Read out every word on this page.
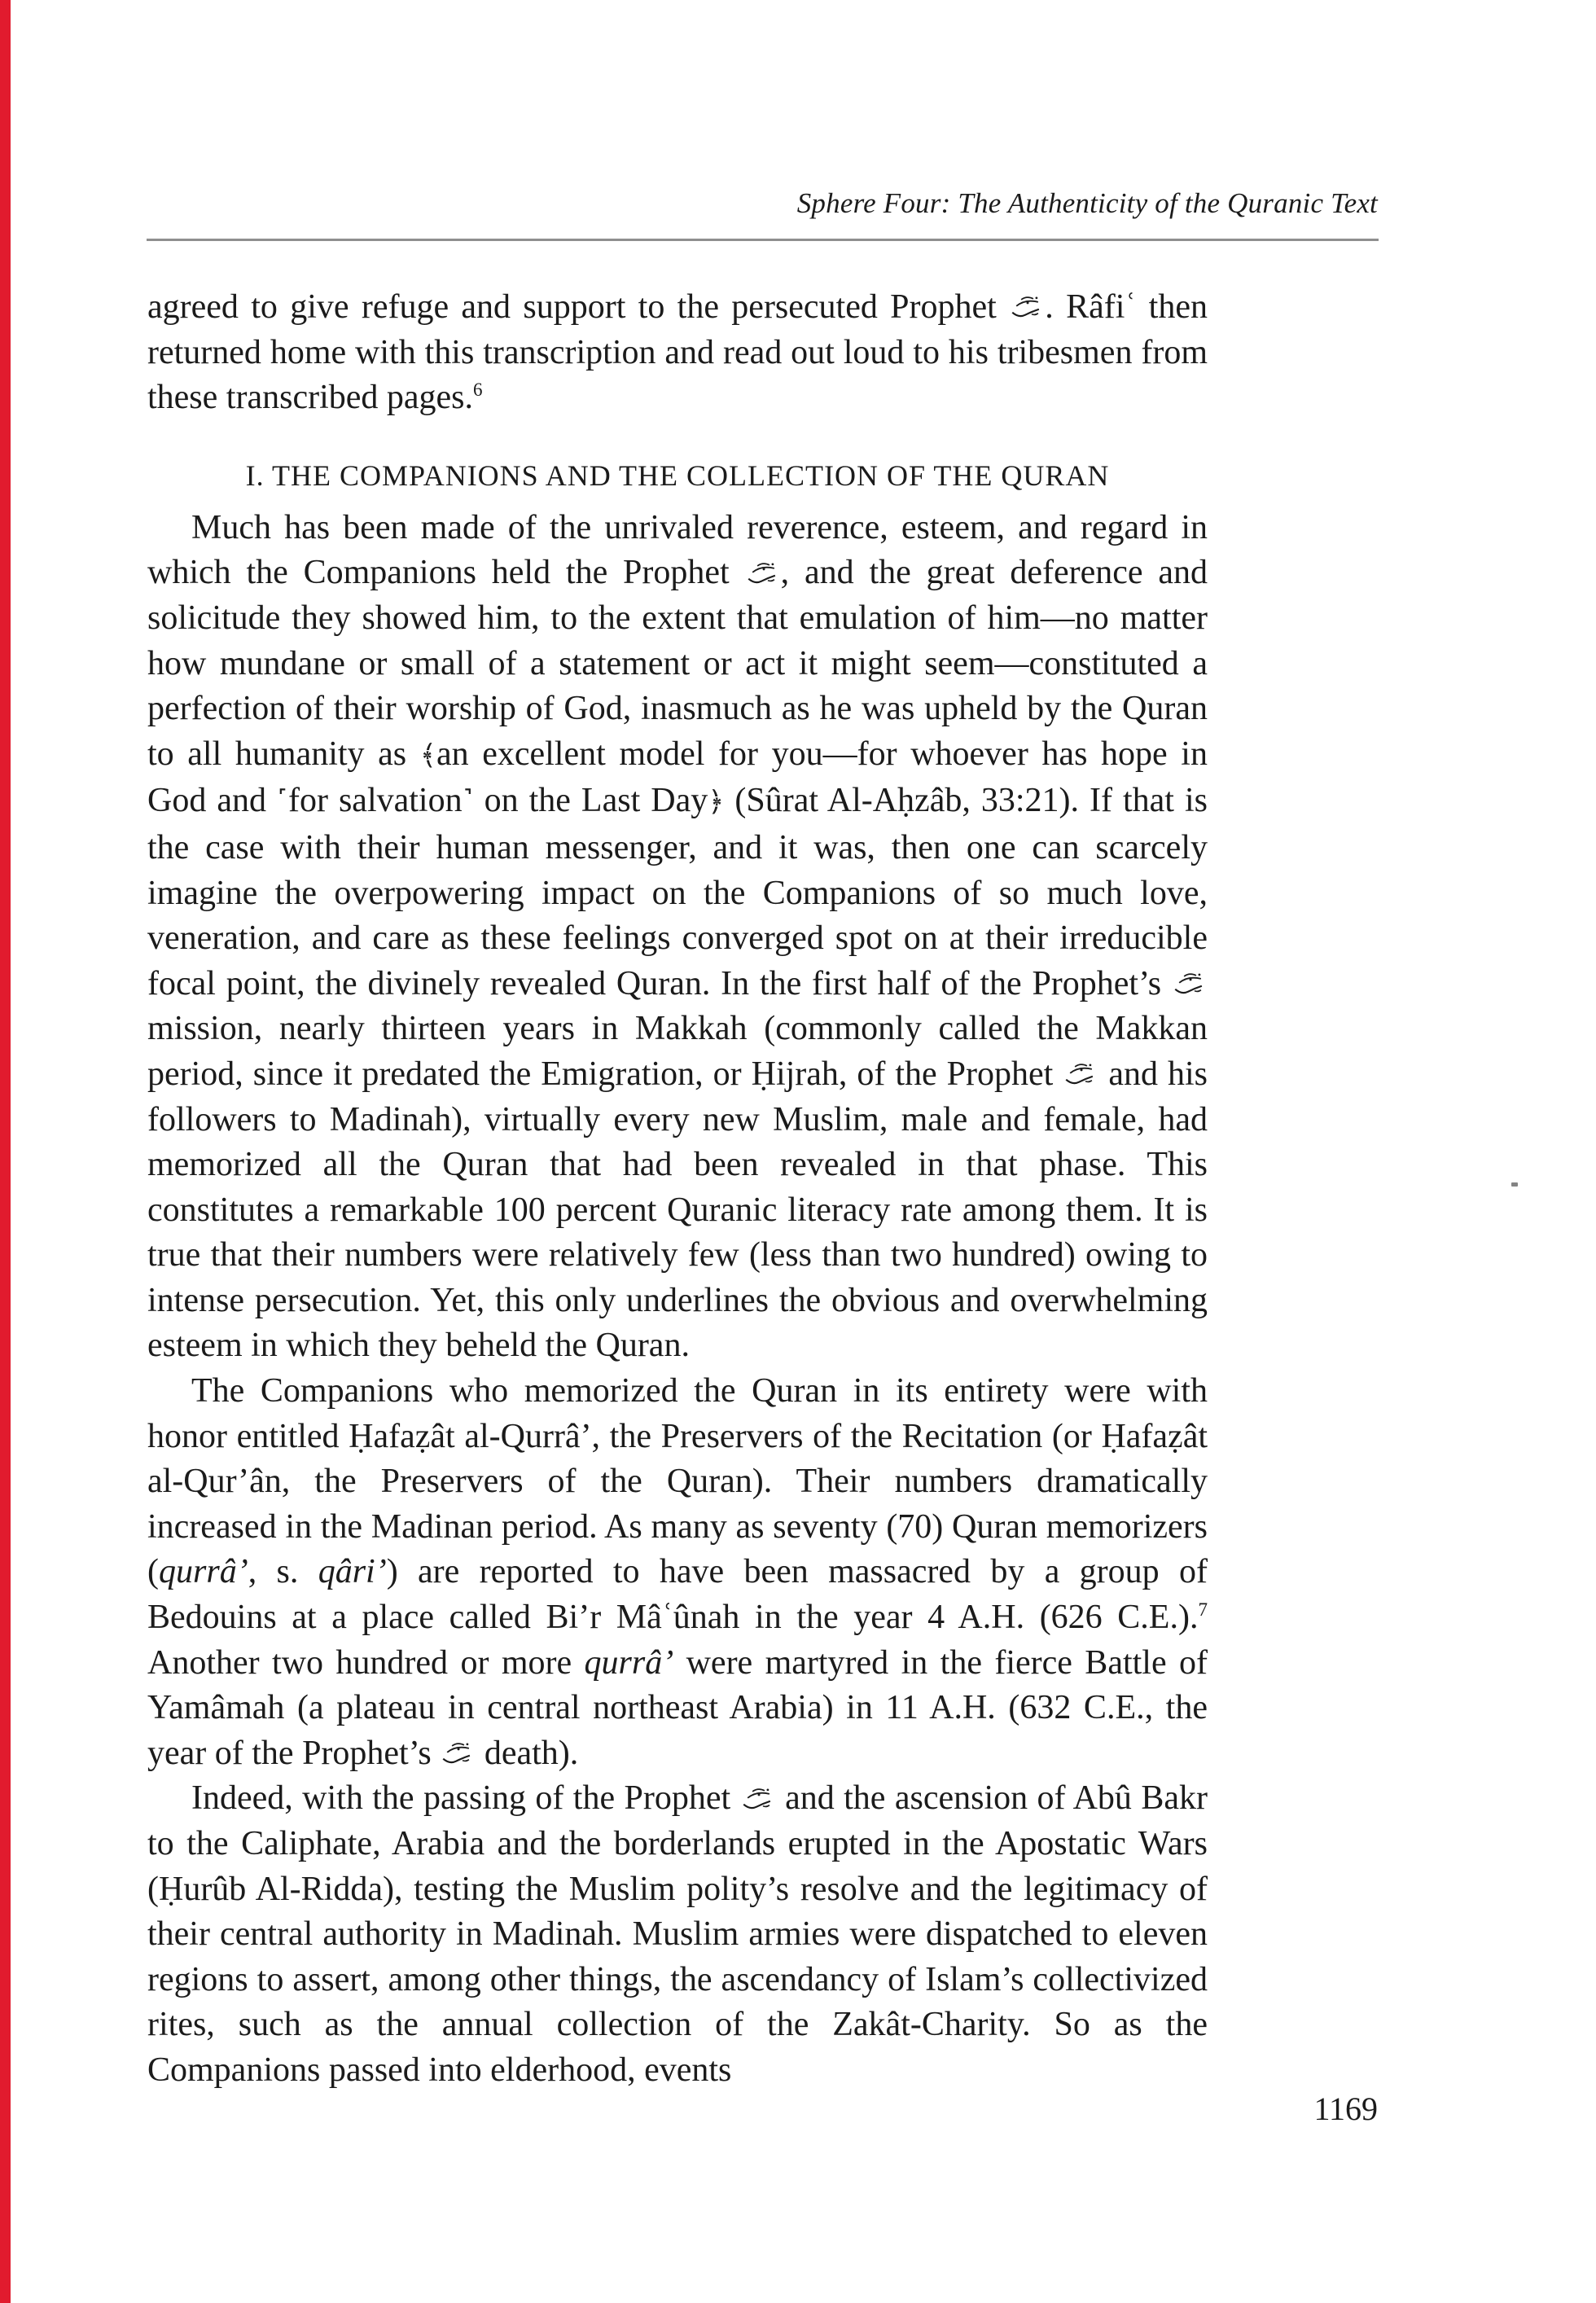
Sphere Four: The Authenticity of the Quranic Text

agreed to give refuge and support to the persecuted Prophet . Râfiʿ then returned home with this transcription and read out loud to his tribesmen from these transcribed pages.$^6$

I. THE COMPANIONS AND THE COLLECTION OF THE QURAN

Much has been made of the unrivaled reverence, esteem, and regard in which the Companions held the Prophet , and the great deference and solicitude they showed him, to the extent that emulation of him—no matter how mundane or small of a statement or act it might seem—constituted a perfection of their worship of God, inasmuch as he was upheld by the Quran to all humanity as ﴾an excellent model for you—for whoever has hope in God and ˹for salvation˺ on the Last Day﴿ (Sûrat Al-Aḥzâb, 33:21). If that is the case with their human messenger, and it was, then one can scarcely imagine the overpowering impact on the Companions of so much love, veneration, and care as these feelings converged spot on at their irreducible focal point, the divinely revealed Quran. In the first half of the Prophet’s  mission, nearly thirteen years in Makkah (commonly called the Makkan period, since it predated the Emigration, or Ḥijrah, of the Prophet  and his followers to Madinah), virtually every new Muslim, male and female, had memorized all the Quran that had been revealed in that phase. This constitutes a remarkable 100 percent Quranic literacy rate among them. It is true that their numbers were relatively few (less than two hundred) owing to intense persecution. Yet, this only underlines the obvious and overwhelming esteem in which they beheld the Quran.

The Companions who memorized the Quran in its entirety were with honor entitled Ḥafaẓât al-Qurrâ’, the Preservers of the Recitation (or Ḥafaẓât al-Qur’ân, the Preservers of the Quran). Their numbers dramatically increased in the Madinan period. As many as seventy (70) Quran memorizers (qurrâ’, s. qâri’) are reported to have been massacred by a group of Bedouins at a place called Bi’r Mâʿûnah in the year 4 A.H. (626 C.E.).$^7$ Another two hundred or more qurrâ’ were martyred in the fierce Battle of Yamâmah (a plateau in central northeast Arabia) in 11 A.H. (632 C.E., the year of the Prophet’s  death).

Indeed, with the passing of the Prophet  and the ascension of Abû Bakr to the Caliphate, Arabia and the borderlands erupted in the Apostatic Wars (Ḥurûb Al-Ridda), testing the Muslim polity’s resolve and the legitimacy of their central authority in Madinah. Muslim armies were dispatched to eleven regions to assert, among other things, the ascendancy of Islam’s collectivized rites, such as the annual collection of the Zakât-Charity. So as the Companions passed into elderhood, events

1169
